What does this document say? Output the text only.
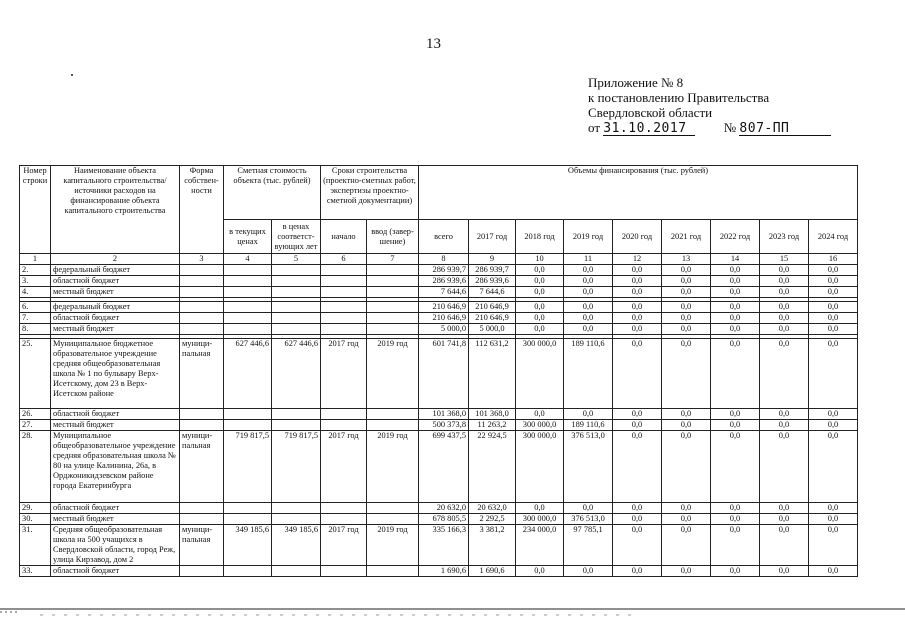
13
Приложение № 8
к постановлению Правительства
Свердловской области
от 31.10.2017	№ 807-ПП
Номер строки	Наименование объекта капитального строительства/ источники расходов на финансирование объекта капитального строительства	Форма собствен-ности	Сметная стоимость объекта (тыс. рублей)		Сроки строительства (проектно-сметных работ, экспертизы проектно-сметной документации)		Объемы финансирования (тыс. рублей)								
			в текущих ценах	в ценах соответст-вующих лет	начало	ввод (завер-шение)	всего	2017 год	2018 год	2019 год	2020 год	2021 год	2022 год	2023 год	2024 год
1	2	3	4	5	6	7	8	9	10	11	12	13	14	15	16
2.	федеральный бюджет						286 939,7	286 939,7	0,0	0,0	0,0	0,0	0,0	0,0	0,0
3.	областной бюджет						286 939,6	286 939,6	0,0	0,0	0,0	0,0	0,0	0,0	0,0
4.	местный бюджет						7 644,6	7 644,6	0,0	0,0	0,0	0,0	0,0	0,0	0,0

6.	федеральный бюджет						210 646,9	210 646,9	0,0	0,0	0,0	0,0	0,0	0,0	0,0
7.	областной бюджет						210 646,9	210 646,9	0,0	0,0	0,0	0,0	0,0	0,0	0,0
8.	местный бюджет						5 000,0	5 000,0	0,0	0,0	0,0	0,0	0,0	0,0	0,0

25.	Муниципальное бюджетное образовательное учреждение средняя общеобразовательная школа № 1 по бульвару Верх-Исетскому, дом 23 в Верх-Исетском районе	муници-пальная	627 446,6	627 446,6	2017 год	2019 год	601 741,8	112 631,2	300 000,0	189 110,6	0,0	0,0	0,0	0,0	0,0
26.	областной бюджет						101 368,0	101 368,0	0,0	0,0	0,0	0,0	0,0	0,0	0,0
27.	местный бюджет						500 373,8	11 263,2	300 000,0	189 110,6	0,0	0,0	0,0	0,0	0,0
28.	Муниципальное общеобразовательное учреждение средняя образовательная школа № 80 на улице Калинина, 26а, в Орджоникидзевском районе города Екатеринбурга	муници-пальная	719 817,5	719 817,5	2017 год	2019 год	699 437,5	22 924,5	300 000,0	376 513,0	0,0	0,0	0,0	0,0	0,0
29.	областной бюджет						20 632,0	20 632,0	0,0	0,0	0,0	0,0	0,0	0,0	0,0
30.	местный бюджет						678 805,5	2 292,5	300 000,0	376 513,0	0,0	0,0	0,0	0,0	0,0
31.	Средняя общеобразовательная школа на 500 учащихся в Свердловской области, город Реж, улица Кирзавод, дом 2	муници-пальная	349 185,6	349 185,6	2017 год	2019 год	335 166,3	3 381,2	234 000,0	97 785,1	0,0	0,0	0,0	0,0	0,0
33.	областной бюджет						1 690,6	1 690,6	0,0	0,0	0,0	0,0	0,0	0,0	0,0
